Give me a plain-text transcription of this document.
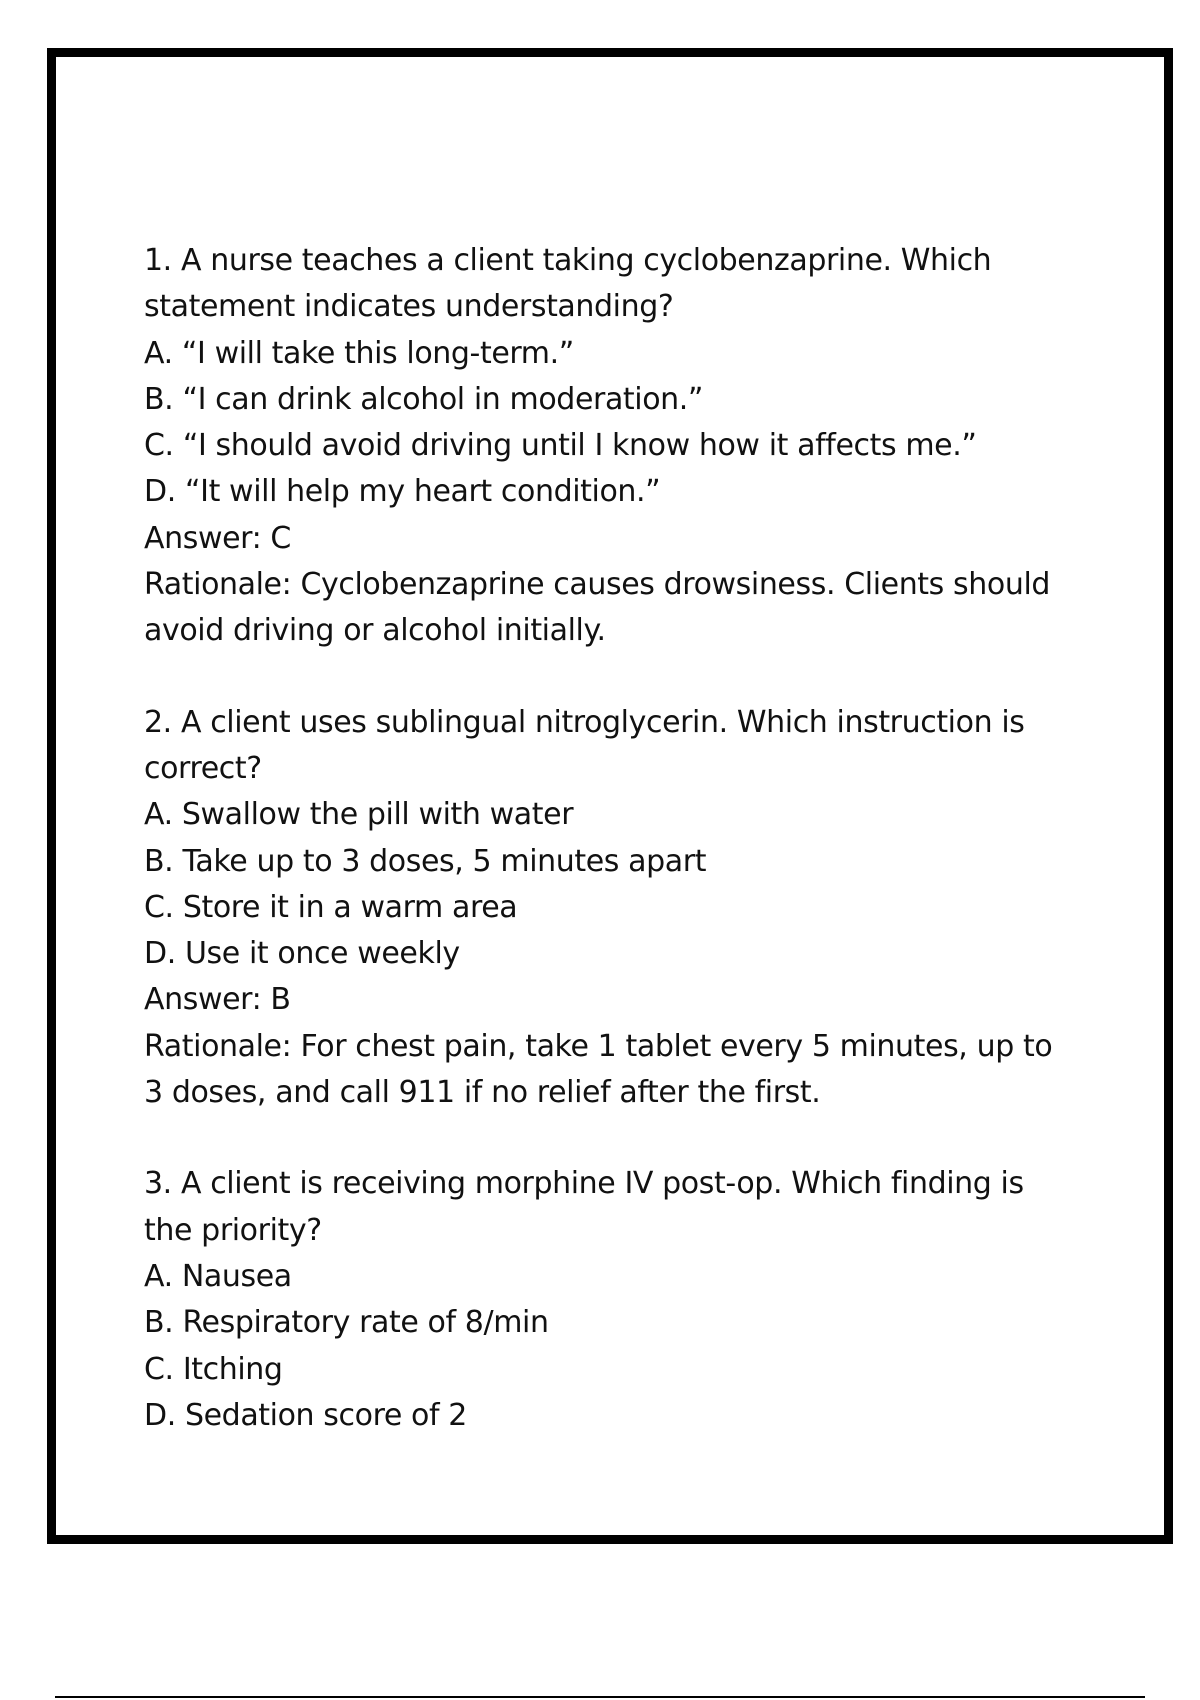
1. A nurse teaches a client taking cyclobenzaprine. Which statement indicates understanding?
A. “I will take this long-term.”
B. “I can drink alcohol in moderation.”
C. “I should avoid driving until I know how it affects me.”
D. “It will help my heart condition.”
Answer: C
Rationale: Cyclobenzaprine causes drowsiness. Clients should avoid driving or alcohol initially.
2. A client uses sublingual nitroglycerin. Which instruction is correct?
A. Swallow the pill with water
B. Take up to 3 doses, 5 minutes apart
C. Store it in a warm area
D. Use it once weekly
Answer: B
Rationale: For chest pain, take 1 tablet every 5 minutes, up to 3 doses, and call 911 if no relief after the first.
3. A client is receiving morphine IV post-op. Which finding is the priority?
A. Nausea
B. Respiratory rate of 8/min
C. Itching
D. Sedation score of 2
